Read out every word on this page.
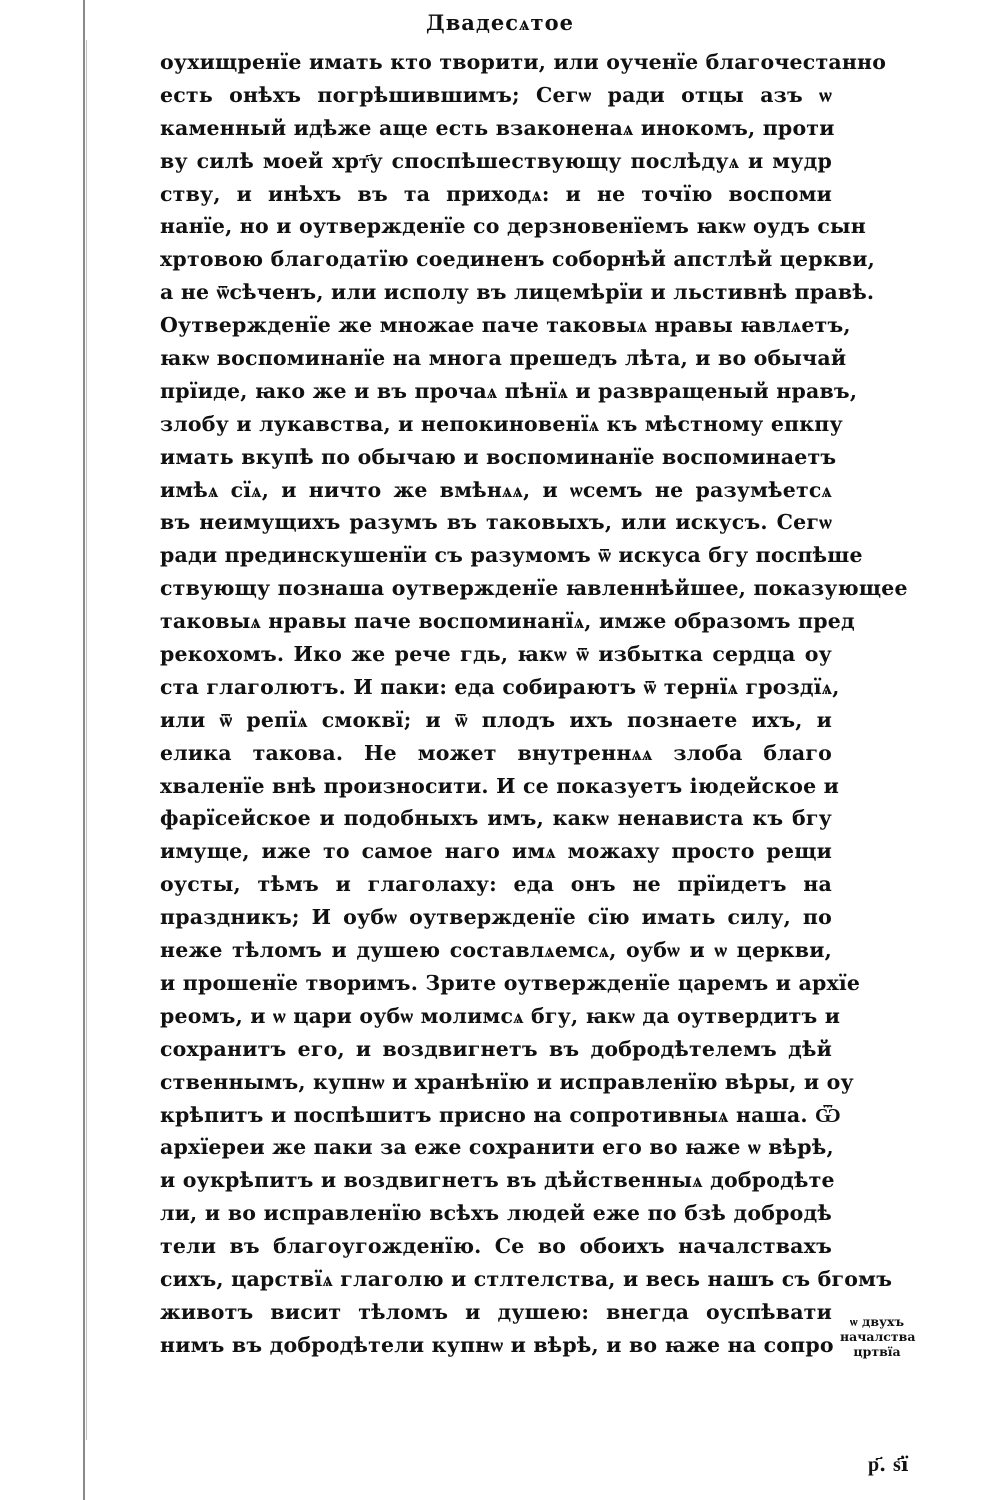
Двадесѧтое
оухищренїе имать кто творити, или оученїе благочестанно
есть онѣхъ погрѣшившимъ; Сегѡ ради отцы азъ ѡ
каменный идѣже аще есть взаконенаѧ инокомъ, проти
ву силѣ моей хрт҃у споспѣшествующу послѣдуѧ и мудр
ству, и инѣхъ въ та приходѧ: и не точїю воспоми
нанїе, но и оутвержденїе со дерзновенїемъ ꙗкѡ оудъ сын
хртовою благодатїю соединенъ соборнѣй апстлѣй церкви,
а не ѿсѣченъ, или исполу въ лицемѣрїи и льстивнѣ правѣ.
Оутвержденїе же множае паче таковыѧ нравы ꙗвлѧетъ,
ꙗкѡ воспоминанїе на многа прешедъ лѣта, и во обычай
прїиде, ꙗко же и въ прочаѧ пѣнїѧ и развращеный нравъ,
злобу и лукавства, и непокиновенїѧ къ мѣстному епкпу
имать вкупѣ по обычаю и воспоминанїе воспоминаетъ
имѣѧ сїѧ, и ничто же вмѣнѧѧ, и ѡсемъ не разумѣетсѧ
въ неимущихъ разумъ въ таковыхъ, или искусъ. Сегѡ
ради прединскушенїи съ разумомъ ѿ искуса бгу поспѣше
ствующу познаша оутвержденїе ꙗвленнѣйшее, показующее
таковыѧ нравы паче воспоминанїѧ, имже образомъ пред
рекохомъ. Ико же рече гдь, ꙗкѡ ѿ избытка сердца оу
ста глаголютъ. И паки: еда собираютъ ѿ тернїѧ гроздїѧ,
или ѿ репїѧ смоквї; и ѿ плодъ ихъ познаете ихъ, и
елика такова. Не может внутреннѧѧ злоба благо
хваленїе внѣ произносити. И се показуетъ іюдейское и
фарїсейское и подобныхъ имъ, какѡ ненависта къ бгу
имуще, иже то самое наго имѧ можаху просто рещи
оусты, тѣмъ и глаголаху: еда онъ не прїидетъ на
праздникъ; И оубѡ оутвержденїе сїю имать силу, по
неже тѣломъ и душею составлѧемсѧ, оубѡ и ѡ церкви,
и прошенїе творимъ. Зрите оутвержденїе царемъ и архїе
реомъ, и ѡ цари оубѡ молимсѧ бгу, ꙗкѡ да оутвердитъ и
сохранитъ его, и воздвигнетъ въ добродѣтелемъ дѣй
ственнымъ, купнѡ и хранѣнїю и исправленїю вѣры, и оу
крѣпитъ и поспѣшитъ присно на сопротивныѧ наша. Ѿ
архїереи же паки за еже сохранити его во ꙗже ѡ вѣрѣ,
и оукрѣпитъ и воздвигнетъ въ дѣйственныѧ добродѣте
ли, и во исправленїю всѣхъ людей еже по бзѣ добродѣ
тели въ благоугожденїю. Се во обоихъ началствахъ
сихъ, царствїѧ глаголю и стлтелства, и весь нашъ съ бгомъ
животъ висит тѣломъ и душею: внегда оуспѣвати
нимъ въ добродѣтели купнѡ и вѣрѣ, и во ꙗже на сопро
ѡ двухъ
началства
цртвїа
р҃. ѕ҃ї
